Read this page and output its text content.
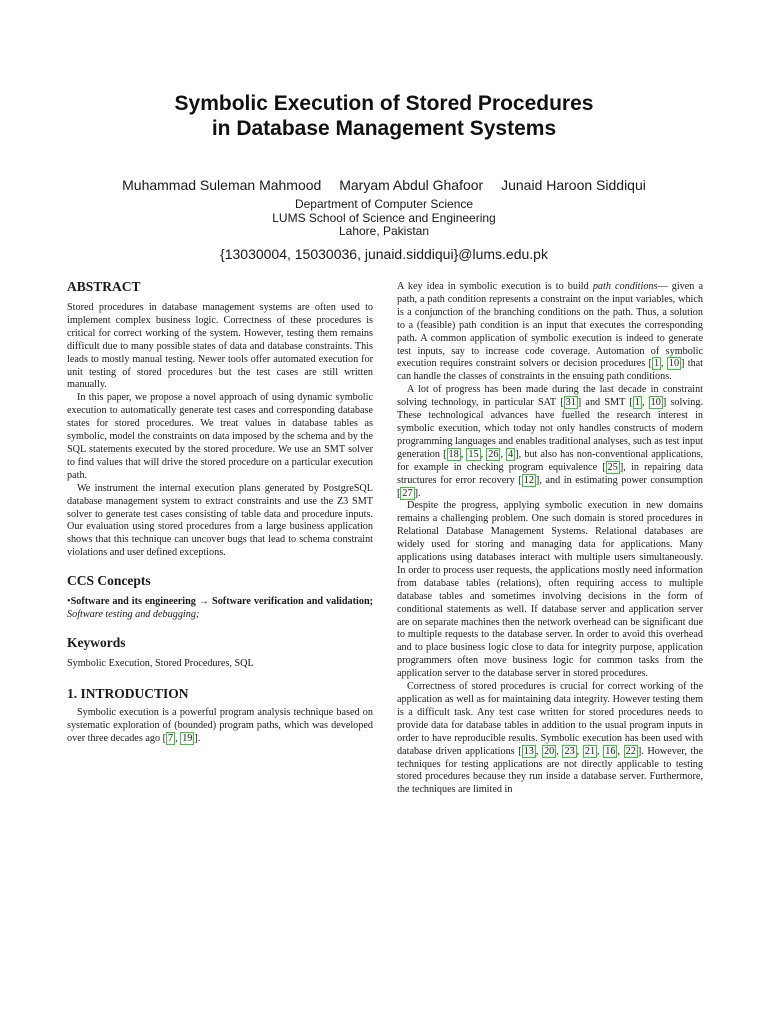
Symbolic Execution of Stored Procedures
in Database Management Systems
Muhammad Suleman Mahmood Maryam Abdul Ghafoor Junaid Haroon Siddiqui
Department of Computer Science
LUMS School of Science and Engineering
Lahore, Pakistan
{13030004, 15030036, junaid.siddiqui}@lums.edu.pk
ABSTRACT

Stored procedures in database management systems are often used to implement complex business logic. Correctness of these procedures is critical for correct working of the system. However, testing them remains difficult due to many possible states of data and database constraints. This leads to mostly manual testing. Newer tools offer automated execution for unit testing of stored procedures but the test cases are still written manually.

In this paper, we propose a novel approach of using dynamic symbolic execution to automatically generate test cases and corresponding database states for stored procedures. We treat values in database tables as symbolic, model the constraints on data imposed by the schema and by the SQL statements executed by the stored procedure. We use an SMT solver to find values that will drive the stored procedure on a particular execution path.

We instrument the internal execution plans generated by PostgreSQL database management system to extract constraints and use the Z3 SMT solver to generate test cases consisting of table data and procedure inputs. Our evaluation using stored procedures from a large business application shows that this technique can uncover bugs that lead to schema constraint violations and user defined exceptions.

CCS Concepts

•Software and its engineering → Software verification and validation; Software testing and debugging;

Keywords

Symbolic Execution, Stored Procedures, SQL

1. INTRODUCTION

Symbolic execution is a powerful program analysis technique based on systematic exploration of (bounded) program paths, which was developed over three decades ago [ 7 , 19 ].

A key idea in symbolic execution is to build path conditions— given a path, a path condition represents a constraint on the input variables, which is a conjunction of the branching conditions on the path. Thus, a solution to a (feasible) path condition is an input that executes the corresponding path. A common application of symbolic execution is indeed to generate test inputs, say to increase code coverage. Automation of symbolic execution requires constraint solvers or decision procedures [ 1 , 10 ] that can handle the classes of constraints in the ensuing path conditions.

A lot of progress has been made during the last decade in constraint solving technology, in particular SAT [ 31 ] and SMT [ 1 , 10 ] solving. These technological advances have fuelled the research interest in symbolic execution, which today not only handles constructs of modern programming languages and enables traditional analyses, such as test input generation [ 18 , 15 , 26 , 4 ], but also has non-conventional applications, for example in checking program equivalence [ 25 ], in repairing data structures for error recovery [ 12 ], and in estimating power consumption [ 27 ].

Despite the progress, applying symbolic execution in new domains remains a challenging problem. One such domain is stored procedures in Relational Database Management Systems. Relational databases are widely used for storing and managing data for applications. Many applications using databases interact with multiple users simultaneously. In order to process user requests, the applications mostly need information from database tables (relations), often requiring access to multiple database tables and sometimes involving decisions in the form of conditional statements as well. If database server and application server are on separate machines then the network overhead can be significant due to multiple requests to the database server. In order to avoid this overhead and to place business logic close to data for integrity purpose, application programmers often move business logic for common tasks from the application server to the database server in stored procedures.

Correctness of stored procedures is crucial for correct working of the application as well as for maintaining data integrity. However testing them is a difficult task. Any test case written for stored procedures needs to provide data for database tables in addition to the usual program inputs in order to have reproducible results. Symbolic execution has been used with database driven applications [ 13 , 20 , 23 , 21 , 16 , 22 ]. However, the techniques for testing applications are not directly applicable to testing stored procedures because they run inside a database server. Furthermore, the techniques are limited in
